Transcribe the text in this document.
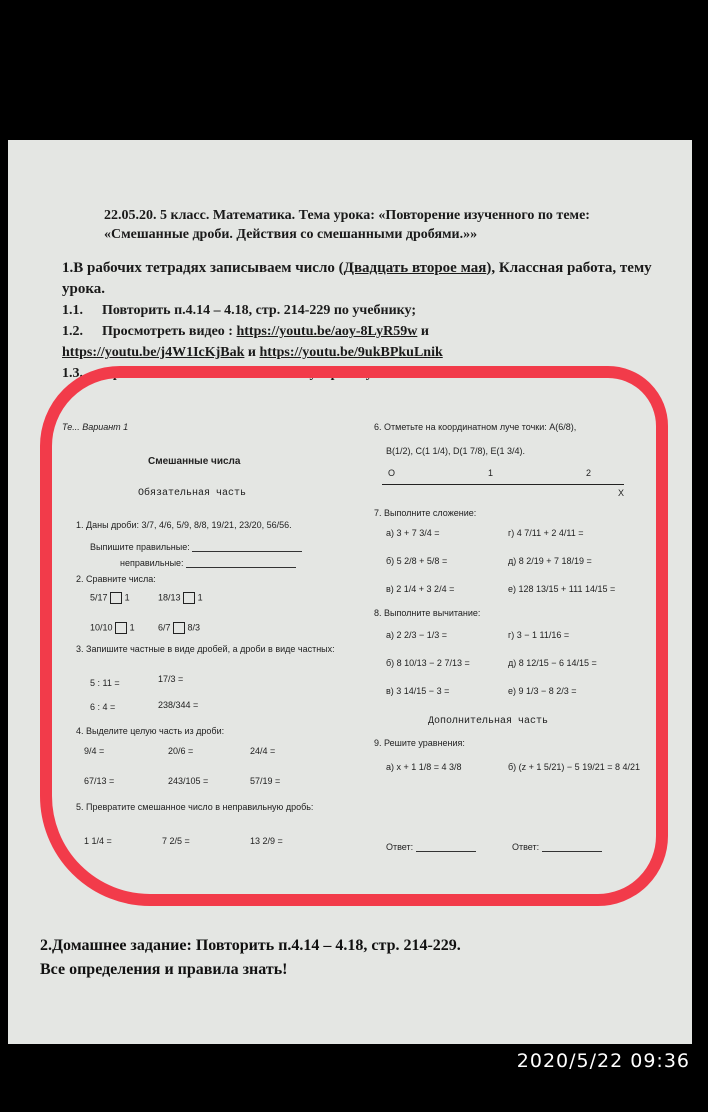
22.05.20. 5 класс. Математика. Тема урока: «Повторение изученного по теме: «Смешанные дроби. Действия со смешанными дробями.»»
1.В рабочих тетрадях записываем число (Двадцать второе мая), Классная работа, тему урока.
1.1. Повторить п.4.14 – 4.18, стр. 214-229 по учебнику;
1.2. Просмотреть видео : https://youtu.be/aoy-8LyR59w и
https://youtu.be/j4W1IcKjBak и https://youtu.be/9ukBPkuLnik
1.3. Пройти тест и записать в классную работу
Те... Вариант 1
Смешанные числа
Обязательная часть
1. Даны дроби: 3/7, 4/6, 5/9, 8/8, 19/21, 23/20, 56/56.
Выпишите правильные:
неправильные:
2. Сравните числа:
5/17 1	18/13 1
10/10 1	6/7 8/3
3. Запишите частные в виде дробей, а дроби в виде частных:
5 : 11 =	17/3 =
6 : 4 =	238/344 =
4. Выделите целую часть из дроби:
9/4 =	20/6 =	24/4 =
67/13 =	243/105 =	57/19 =
5. Превратите смешанное число в неправильную дробь:
1 1/4 =	7 2/5 =	13 2/9 =
6. Отметьте на координатном луче точки: A(6/8),
B(1/2), C(1 1/4), D(1 7/8), E(1 3/4).
O	1	2
X
7. Выполните сложение:
а) 3 + 7 3/4 =	г) 4 7/11 + 2 4/11 =
б) 5 2/8 + 5/8 =	д) 8 2/19 + 7 18/19 =
в) 2 1/4 + 3 2/4 =	е) 128 13/15 + 111 14/15 =
8. Выполните вычитание:
а) 2 2/3 − 1/3 =	г) 3 − 1 11/16 =
б) 8 10/13 − 2 7/13 =	д) 8 12/15 − 6 14/15 =
в) 3 14/15 − 3 =	е) 9 1/3 − 8 2/3 =
Дополнительная часть
9. Решите уравнения:
а) x + 1 1/8 = 4 3/8	б) (z + 1 5/21) − 5 19/21 = 8 4/21
Ответ:	Ответ:
2.Домашнее задание: Повторить п.4.14 – 4.18, стр. 214-229.
Все определения и правила знать!
2020/5/22 09:36
